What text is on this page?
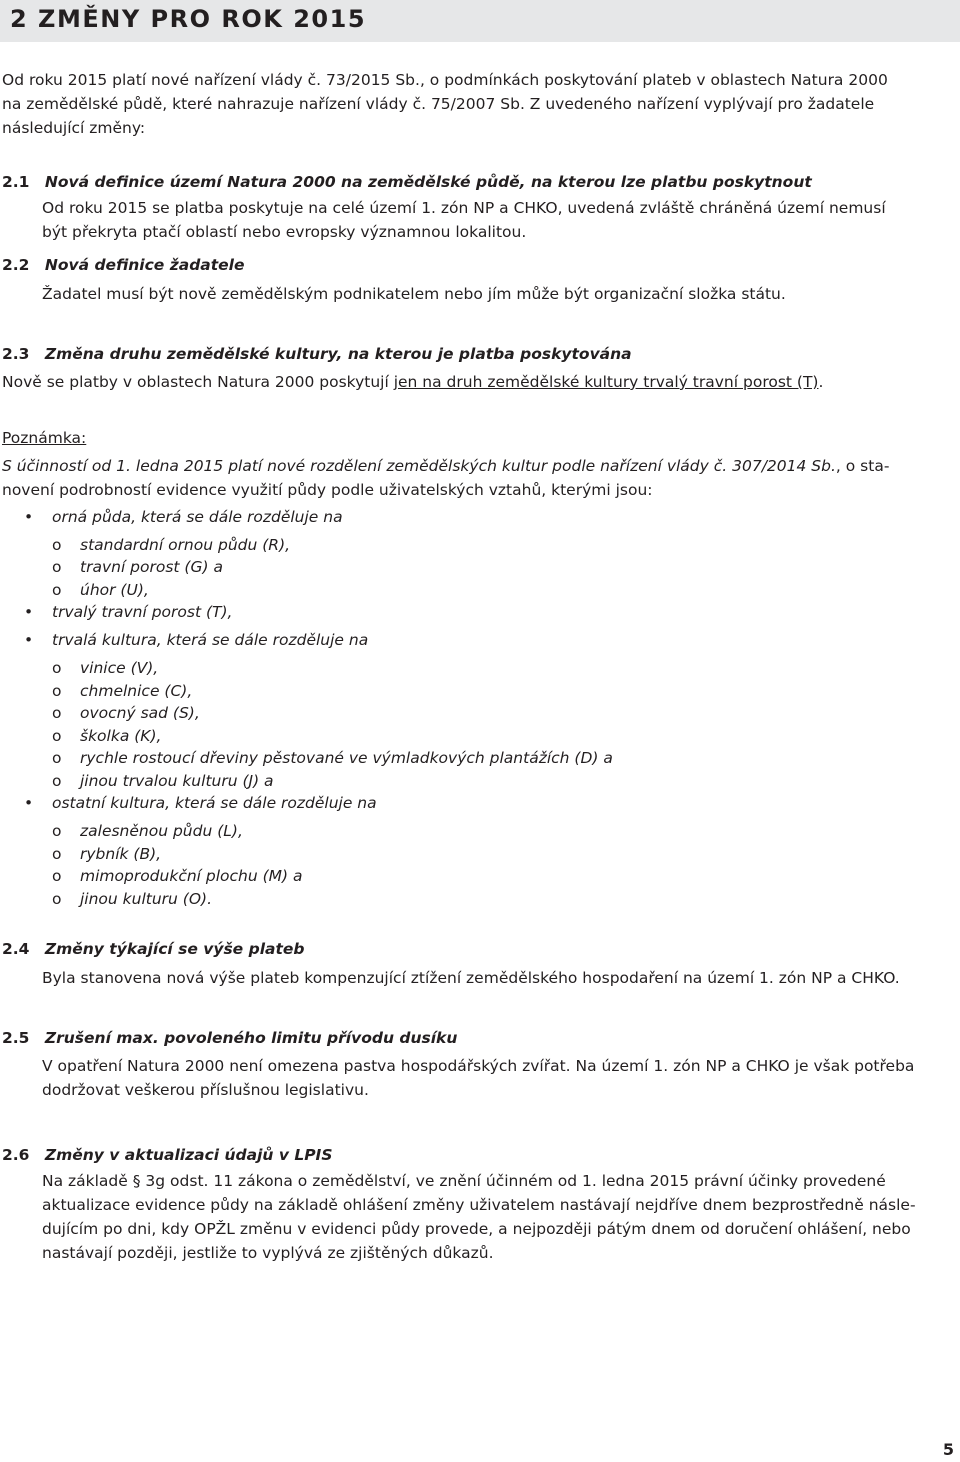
2 ZMĚNY PRO ROK 2015
Od roku 2015 platí nové nařízení vlády č. 73/2015 Sb., o podmínkách poskytování plateb v oblastech Natura 2000
na zemědělské půdě, které nahrazuje nařízení vlády č. 75/2007 Sb. Z uvedeného nařízení vyplývají pro žadatele
následující změny:
2.1 Nová definice území Natura 2000 na zemědělské půdě, na kterou lze platbu poskytnout
Od roku 2015 se platba poskytuje na celé území 1. zón NP a CHKO, uvedená zvláště chráněná území nemusí
být překryta ptačí oblastí nebo evropsky významnou lokalitou.
2.2 Nová definice žadatele
Žadatel musí být nově zemědělským podnikatelem nebo jím může být organizační složka státu.
2.3 Změna druhu zemědělské kultury, na kterou je platba poskytována
Nově se platby v oblastech Natura 2000 poskytují jen na druh zemědělské kultury trvalý travní porost (T).
Poznámka:
S účinností od 1. ledna 2015 platí nové rozdělení zemědělských kultur podle nařízení vlády č. 307/2014 Sb., o sta-
novení podrobností evidence využití půdy podle uživatelských vztahů, kterými jsou:
• orná půda, která se dále rozděluje na
o standardní ornou půdu (R),
o travní porost (G) a
o úhor (U),
• trvalý travní porost (T),
• trvalá kultura, která se dále rozděluje na
o vinice (V),
o chmelnice (C),
o ovocný sad (S),
o školka (K),
o rychle rostoucí dřeviny pěstované ve výmladkových plantážích (D) a
o jinou trvalou kulturu (J) a
• ostatní kultura, která se dále rozděluje na
o zalesněnou půdu (L),
o rybník (B),
o mimoprodukční plochu (M) a
o jinou kulturu (O).
2.4 Změny týkající se výše plateb
Byla stanovena nová výše plateb kompenzující ztížení zemědělského hospodaření na území 1. zón NP a CHKO.
2.5 Zrušení max. povoleného limitu přívodu dusíku
V opatření Natura 2000 není omezena pastva hospodářských zvířat. Na území 1. zón NP a CHKO je však potřeba
dodržovat veškerou příslušnou legislativu.
2.6 Změny v aktualizaci údajů v LPIS
Na základě § 3g odst. 11 zákona o zemědělství, ve znění účinném od 1. ledna 2015 právní účinky provedené
aktualizace evidence půdy na základě ohlášení změny uživatelem nastávají nejdříve dnem bezprostředně násle-
dujícím po dni, kdy OPŽL změnu v evidenci půdy provede, a nejpozději pátým dnem od doručení ohlášení, nebo
nastávají později, jestliže to vyplývá ze zjištěných důkazů.
5
